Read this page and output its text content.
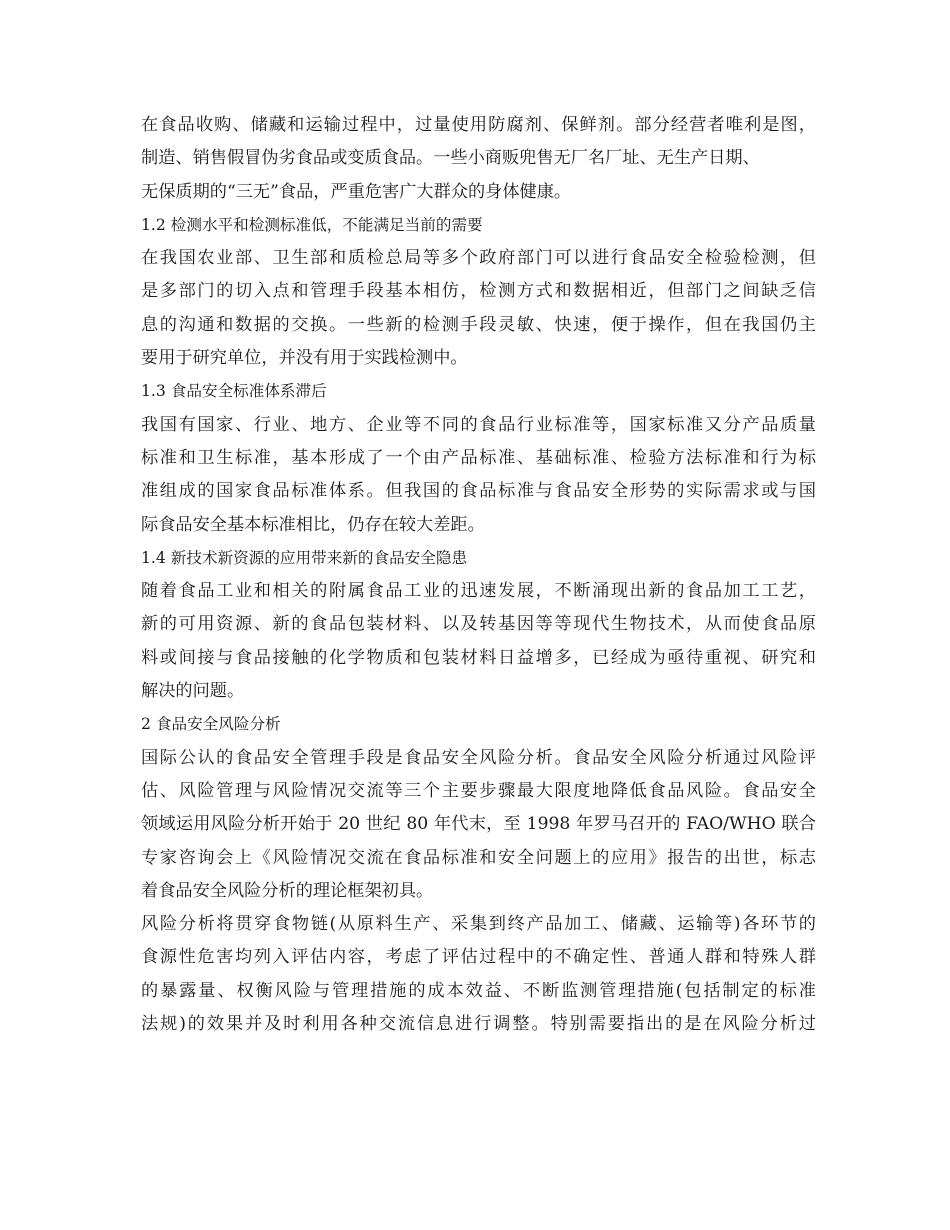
在食品收购、储藏和运输过程中，过量使用防腐剂、保鲜剂。部分经营者唯利是图，
制造、销售假冒伪劣食品或变质食品。一些小商贩兜售无厂名厂址、无生产日期、
无保质期的“三无”食品，严重危害广大群众的身体健康。
1.2 检测水平和检测标准低，不能满足当前的需要
在我国农业部、卫生部和质检总局等多个政府部门可以进行食品安全检验检测，但
是多部门的切入点和管理手段基本相仿，检测方式和数据相近，但部门之间缺乏信
息的沟通和数据的交换。一些新的检测手段灵敏、快速，便于操作，但在我国仍主
要用于研究单位，并没有用于实践检测中。
1.3 食品安全标准体系滞后
我国有国家、行业、地方、企业等不同的食品行业标准等，国家标准又分产品质量
标准和卫生标准，基本形成了一个由产品标准、基础标准、检验方法标准和行为标
准组成的国家食品标准体系。但我国的食品标准与食品安全形势的实际需求或与国
际食品安全基本标准相比，仍存在较大差距。
1.4 新技术新资源的应用带来新的食品安全隐患
随着食品工业和相关的附属食品工业的迅速发展，不断涌现出新的食品加工工艺，
新的可用资源、新的食品包装材料、以及转基因等等现代生物技术，从而使食品原
料或间接与食品接触的化学物质和包装材料日益增多，已经成为亟待重视、研究和
解决的问题。
2 食品安全风险分析
国际公认的食品安全管理手段是食品安全风险分析。食品安全风险分析通过风险评
估、风险管理与风险情况交流等三个主要步骤最大限度地降低食品风险。食品安全
领域运用风险分析开始于 20 世纪 80 年代末，至 1998 年罗马召开的 FAO/WHO 联合
专家咨询会上《风险情况交流在食品标准和安全问题上的应用》报告的出世，标志
着食品安全风险分析的理论框架初具。
风险分析将贯穿食物链(从原料生产、采集到终产品加工、储藏、运输等)各环节的
食源性危害均列入评估内容，考虑了评估过程中的不确定性、普通人群和特殊人群
的暴露量、权衡风险与管理措施的成本效益、不断监测管理措施(包括制定的标准
法规)的效果并及时利用各种交流信息进行调整。特别需要指出的是在风险分析过
